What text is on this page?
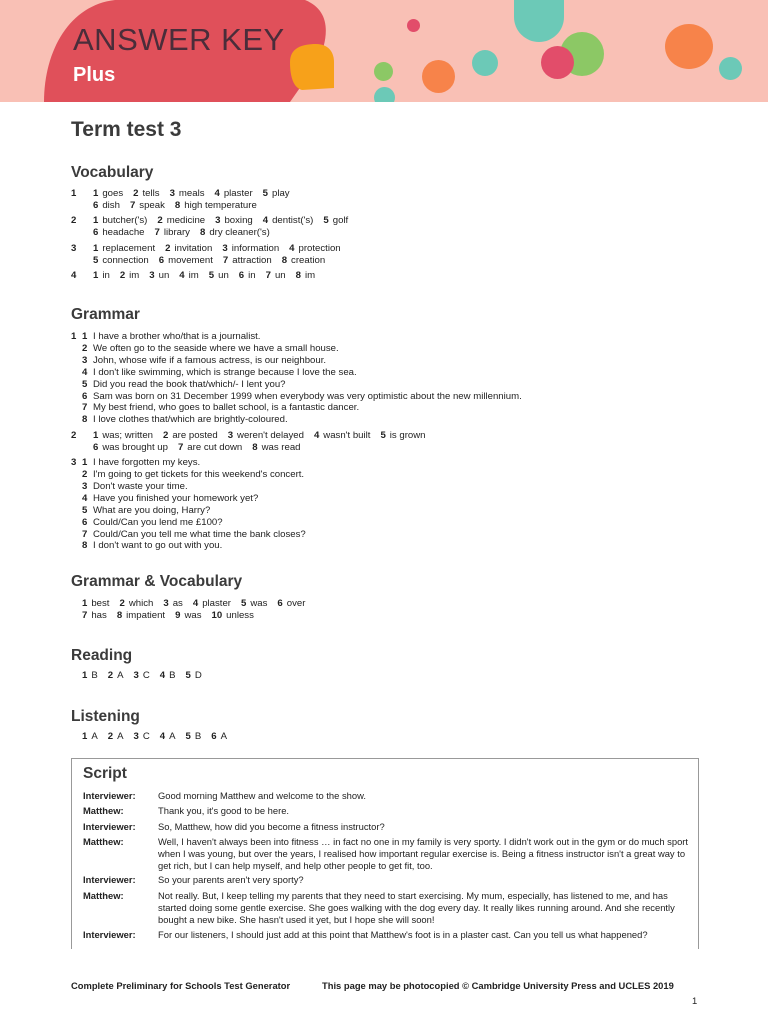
ANSWER KEY
Plus
Term test 3
Vocabulary
1	1 goes 2 tells 3 meals 4 plaster 5 play
6 dish 7 speak 8 high temperature
2	1 butcher('s) 2 medicine 3 boxing 4 dentist('s) 5 golf
6 headache 7 library 8 dry cleaner('s)
3	1 replacement 2 invitation 3 information 4 protection
5 connection 6 movement 7 attraction 8 creation
4	1 in 2 im 3 un 4 im 5 un 6 in 7 un 8 im
Grammar
1 1 I have a brother who/that is a journalist.
2 We often go to the seaside where we have a small house.
3 John, whose wife if a famous actress, is our neighbour.
4 I don't like swimming, which is strange because I love the sea.
5 Did you read the book that/which/- I lent you?
6 Sam was born on 31 December 1999 when everybody was very optimistic about the new millennium.
7 My best friend, who goes to ballet school, is a fantastic dancer.
8 I love clothes that/which are brightly-coloured.
2	1 was; written 2 are posted 3 weren't delayed 4 wasn't built 5 is grown
6 was brought up 7 are cut down 8 was read
3 1 I have forgotten my keys.
2 I'm going to get tickets for this weekend's concert.
3 Don't waste your time.
4 Have you finished your homework yet?
5 What are you doing, Harry?
6 Could/Can you lend me £100?
7 Could/Can you tell me what time the bank closes?
8 I don't want to go out with you.
Grammar & Vocabulary
1 best 2 which 3 as 4 plaster 5 was 6 over
7 has 8 impatient 9 was 10 unless
Reading
1 B 2 A 3 C 4 B 5 D
Listening
1 A 2 A 3 C 4 A 5 B 6 A
Script
Interviewer:	Good morning Matthew and welcome to the show.
Matthew:	Thank you, it's good to be here.
Interviewer:	So, Matthew, how did you become a fitness instructor?
Matthew:	Well, I haven't always been into fitness … in fact no one in my family is very sporty. I didn't work out in the gym or do much sport when I was young, but over the years, I realised how important regular exercise is. Being a fitness instructor isn't a great way to get rich, but I can help myself, and help other people to get fit, too.
Interviewer:	So your parents aren't very sporty?
Matthew:	Not really. But, I keep telling my parents that they need to start exercising. My mum, especially, has listened to me, and has started doing some gentle exercise. She goes walking with the dog every day. It really likes running around. And she recently bought a new bike. She hasn't used it yet, but I hope she will soon!
Interviewer:	For our listeners, I should just add at this point that Matthew's foot is in a plaster cast. Can you tell us what happened?
Complete Preliminary for Schools Test Generator	This page may be photocopied © Cambridge University Press and UCLES 2019
1
